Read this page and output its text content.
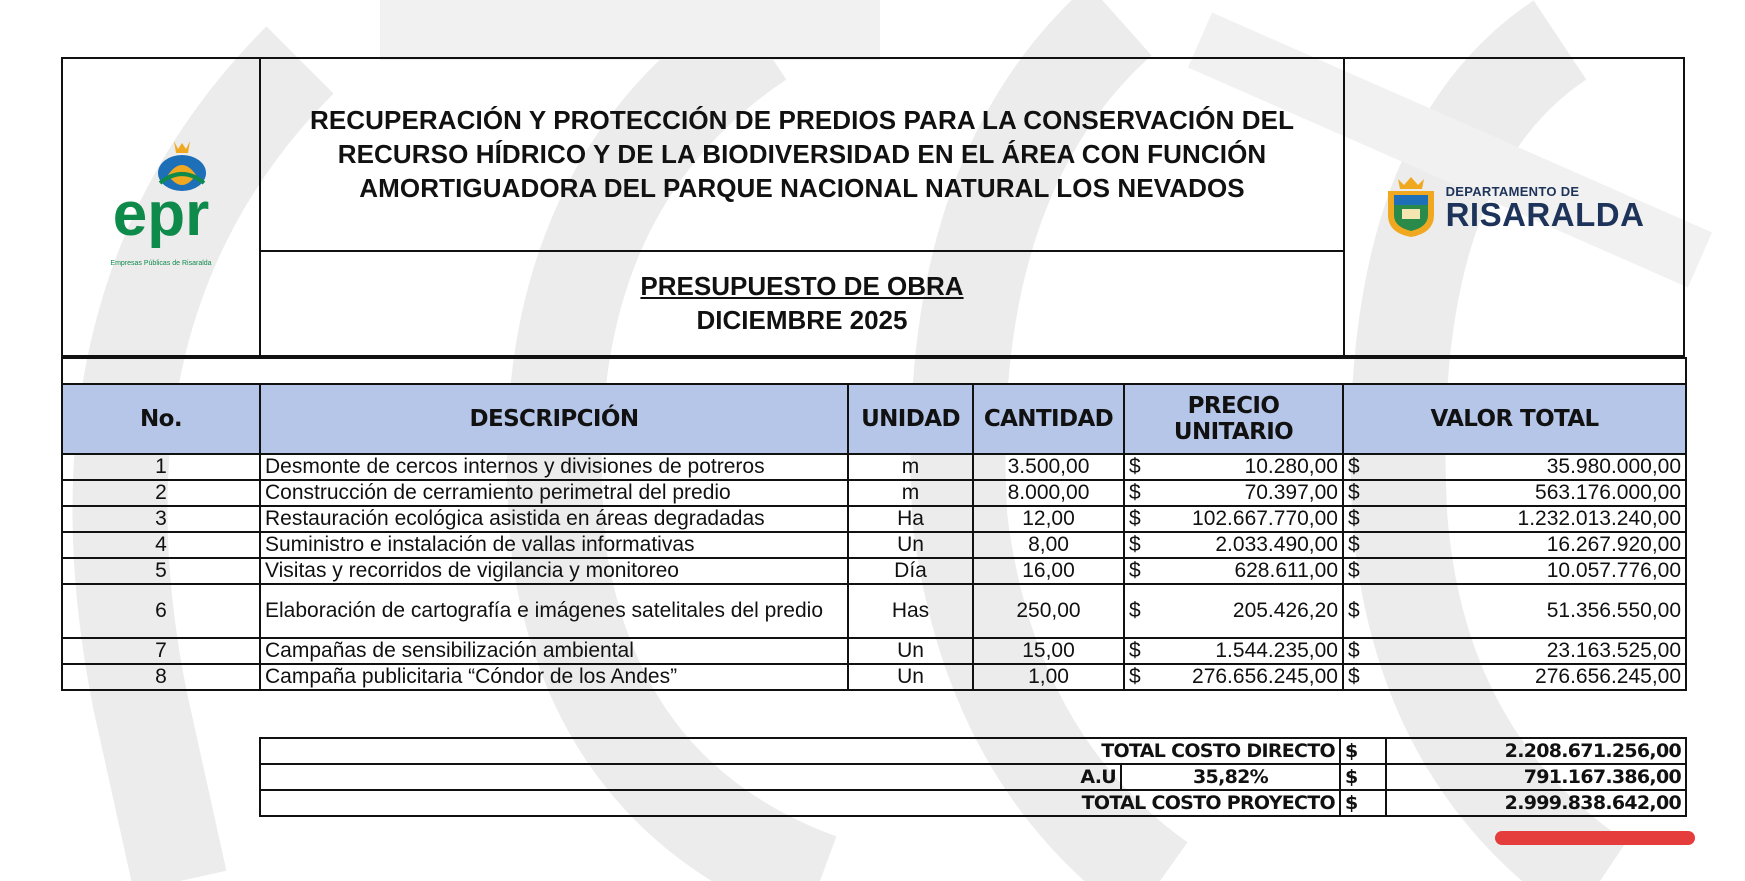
epr
Empresas Públicas de Risaralda

RECUPERACIÓN Y PROTECCIÓN DE PREDIOS PARA LA CONSERVACIÓN DEL
RECURSO HÍDRICO Y DE LA BIODIVERSIDAD EN EL ÁREA CON FUNCIÓN
AMORTIGUADORA DEL PARQUE NACIONAL NATURAL LOS NEVADOS	DEPARTAMENTO DE
RISARALDA

PRESUPUESTO DE OBRA
DICIEMBRE 2025

No.	DESCRIPCIÓN	UNIDAD	CANTIDAD	PRECIO UNITARIO	VALOR TOTAL
1	Desmonte de cercos internos y divisiones de potreros	m	3.500,00	$ 10.280,00	$ 35.980.000,00

2	Construcción de cerramiento perimetral del predio	m	8.000,00	$ 70.397,00	$ 563.176.000,00

3	Restauración ecológica asistida en áreas degradadas	Ha	12,00	$ 102.667.770,00	$ 1.232.013.240,00

4	Suministro e instalación de vallas informativas	Un	8,00	$ 2.033.490,00	$ 16.267.920,00

5	Visitas y recorridos de vigilancia y monitoreo	Día	16,00	$ 628.611,00	$ 10.057.776,00

6	Elaboración de cartografía e imágenes satelitales del predio	Has	250,00	$ 205.426,20	$ 51.356.550,00

7	Campañas de sensibilización ambiental	Un	15,00	$ 1.544.235,00	$ 23.163.525,00

8	Campaña publicitaria “Cóndor de los Andes”	Un	1,00	$ 276.656.245,00	$ 276.656.245,00
TOTAL COSTO DIRECTO		$	2.208.671.256,00
A.U	35,82%	$	791.167.386,00
TOTAL COSTO PROYECTO		$	2.999.838.642,00
